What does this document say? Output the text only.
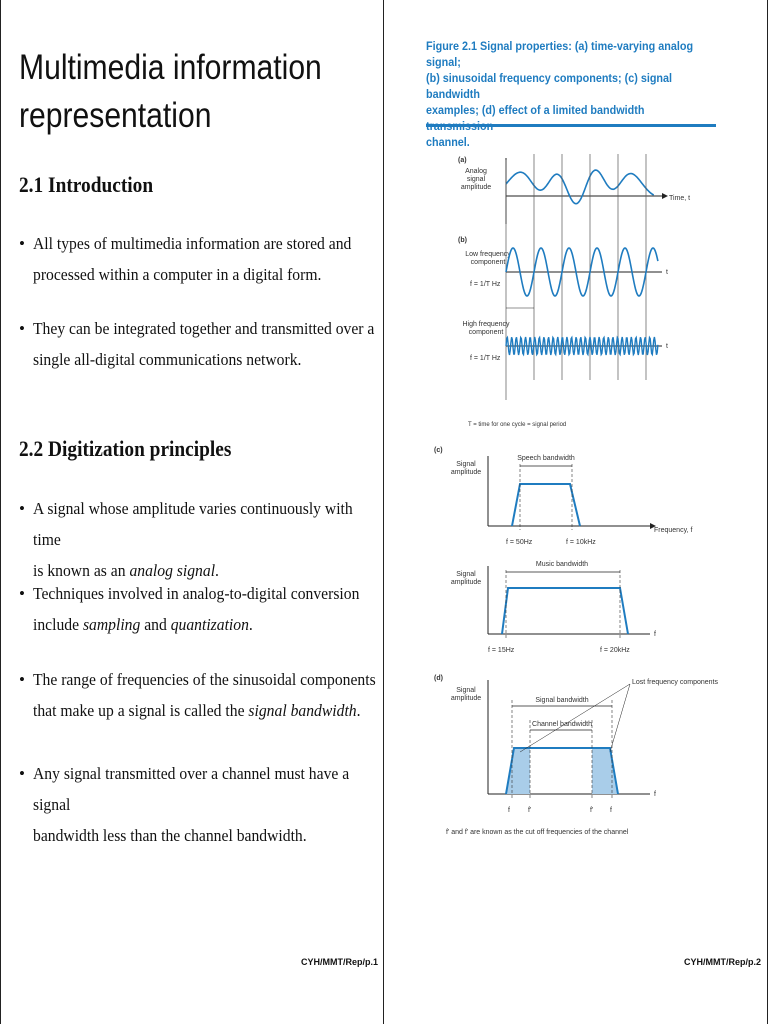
Multimedia information
representation
2.1 Introduction
• All types of multimedia information are stored and
processed within a computer in a digital form.
• They can be integrated together and transmitted over a
single all-digital communications network.
2.2 Digitization principles
• A signal whose amplitude varies continuously with time
is known as an analog signal.
• Techniques involved in analog-to-digital conversion
include sampling and quantization.
• The range of frequencies of the sinusoidal components
that make up a signal is called the signal bandwidth.
• Any signal transmitted over a channel must have a signal
bandwidth less than the channel bandwidth.
CYH/MMT/Rep/p.1
Figure 2.1 Signal properties: (a) time-varying analog signal;
(b) sinusoidal frequency components; (c) signal bandwidth
examples; (d) effect of a limited bandwidth
channel.
(a)
Analog
signal
amplitude
Time, t
(b)
Low frequency
component
f = 1/T Hz
t
High frequency
component
f = 1/T Hz
t
T = time for one cycle = signal period
(c)
Signal
amplitude
Frequency, f
Speech bandwidth
f = 50Hz	f = 10kHz
Signal
amplitude
f
Music bandwidth
f = 15Hz	f = 20kHz
(d)
Signal
amplitude
f
Signal bandwidth
Channel bandwidth
Lost frequency components
f	f'	f' f
f' and f' are known as the cut off frequencies of the channel
CYH/MMT/Rep/p.2
